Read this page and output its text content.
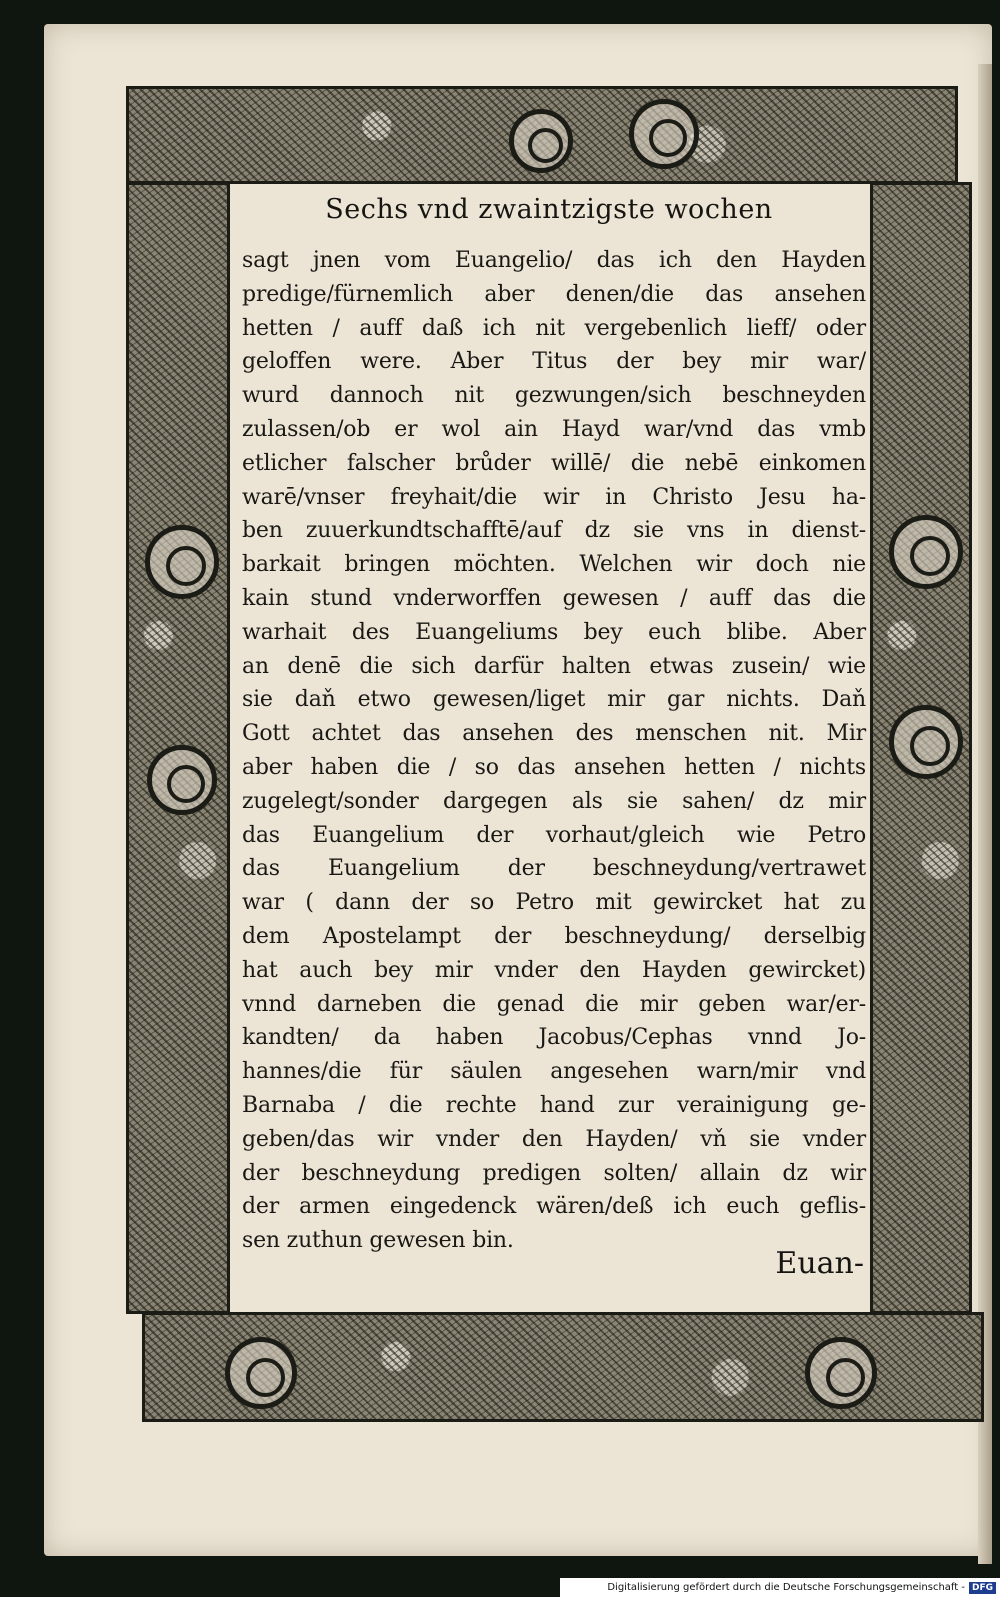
Sechs vnd zwaintzigste wochen
sagt jnen vom Euangelio/ das ich den Hayden
predige/fürnemlich aber denen/die das ansehen
hetten / auff daß ich nit vergebenlich lieff/ oder
geloffen were. Aber Titus der bey mir war/
wurd dannoch nit gezwungen/sich beschneyden
zulassen/ob er wol ain Hayd war/vnd das vmb
etlicher falscher brůder willē/ die nebē einkomen
warē/vnser freyhait/die wir in Christo Jesu ha-
ben zuuerkundtschafftē/auf dz sie vns in dienst-
barkait bringen möchten. Welchen wir doch nie
kain stund vnderworffen gewesen / auff das die
warhait des Euangeliums bey euch blibe. Aber
an denē die sich darfür halten etwas zusein/ wie
sie daň etwo gewesen/liget mir gar nichts. Daň
Gott achtet das ansehen des menschen nit. Mir
aber haben die / so das ansehen hetten / nichts
zugelegt/sonder dargegen als sie sahen/ dz mir
das Euangelium der vorhaut/gleich wie Petro
das Euangelium der beschneydung/vertrawet
war ( dann der so Petro mit gewircket hat zu
dem Apostelampt der beschneydung/ derselbig
hat auch bey mir vnder den Hayden gewircket)
vnnd darneben die genad die mir geben war/er-
kandten/ da haben Jacobus/Cephas vnnd Jo-
hannes/die für säulen angesehen warn/mir vnd
Barnaba / die rechte hand zur verainigung ge-
geben/das wir vnder den Hayden/ vň sie vnder
der beschneydung predigen solten/ allain dz wir
der armen eingedenck wären/deß ich euch geflis-
sen zuthun gewesen bin.
Euan-
Digitalisierung gefördert durch die Deutsche Forschungsgemeinschaft - DFG
